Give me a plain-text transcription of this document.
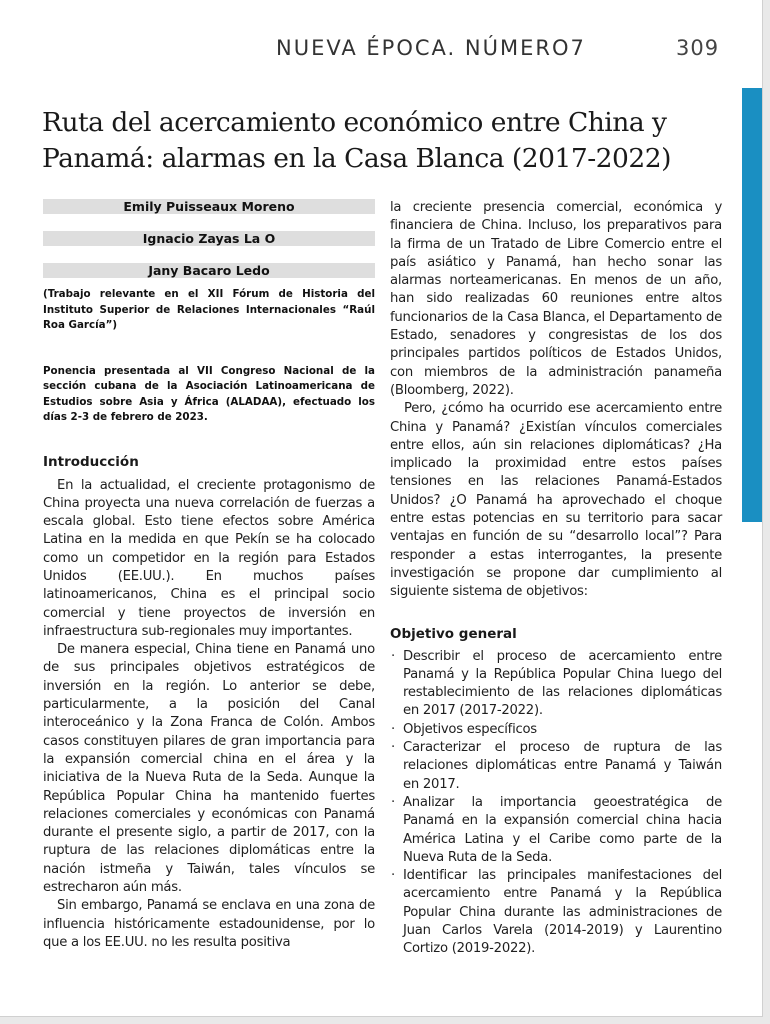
NUEVA ÉPOCA. NÚMERO7	309
Ruta del acercamiento económico entre China y Panamá: alarmas en la Casa Blanca (2017-2022)
Emily Puisseaux Moreno
Ignacio Zayas La O
Jany Bacaro Ledo

(Trabajo relevante en el XII Fórum de Historia del Instituto Superior de Relaciones Internacionales “Raúl Roa García”)

Ponencia presentada al VII Congreso Nacional de la sección cubana de la Asociación Latinoamericana de Estudios sobre Asia y África (ALADAA), efectuado los días 2-3 de febrero de 2023.

Introducción

En la actualidad, el creciente protagonismo de China proyecta una nueva correlación de fuerzas a escala global. Esto tiene efectos sobre América Latina en la medida en que Pekín se ha colocado como un competidor en la región para Estados Unidos (EE.UU.). En muchos países latinoamericanos, China es el principal socio comercial y tiene proyectos de inversión en infraestructura sub-regionales muy importantes.

De manera especial, China tiene en Panamá uno de sus principales objetivos estratégicos de inversión en la región. Lo anterior se debe, particularmente, a la posición del Canal interoceánico y la Zona Franca de Colón. Ambos casos constituyen pilares de gran importancia para la expansión comercial china en el área y la iniciativa de la Nueva Ruta de la Seda. Aunque la República Popular China ha mantenido fuertes relaciones comerciales y económicas con Panamá durante el presente siglo, a partir de 2017, con la ruptura de las relaciones diplomáticas entre la nación istmeña y Taiwán, tales vínculos se estrecharon aún más.

Sin embargo, Panamá se enclava en una zona de influencia históricamente estadounidense, por lo que a los EE.UU. no les resulta positiva

la creciente presencia comercial, económica y financiera de China. Incluso, los preparativos para la firma de un Tratado de Libre Comercio entre el país asiático y Panamá, han hecho sonar las alarmas norteamericanas. En menos de un año, han sido realizadas 60 reuniones entre altos funcionarios de la Casa Blanca, el Departamento de Estado, senadores y congresistas de los dos principales partidos políticos de Estados Unidos, con miembros de la administración panameña (Bloomberg, 2022).

Pero, ¿cómo ha ocurrido ese acercamiento entre China y Panamá? ¿Existían vínculos comerciales entre ellos, aún sin relaciones diplomáticas? ¿Ha implicado la proximidad entre estos países tensiones en las relaciones Panamá-Estados Unidos? ¿O Panamá ha aprovechado el choque entre estas potencias en su territorio para sacar ventajas en función de su “desarrollo local”? Para responder a estas interrogantes, la presente investigación se propone dar cumplimiento al siguiente sistema de objetivos:

Objetivo general
· Describir el proceso de acercamiento entre Panamá y la República Popular China luego del restablecimiento de las relaciones diplomáticas en 2017 (2017-2022).
· Objetivos específicos
· Caracterizar el proceso de ruptura de las relaciones diplomáticas entre Panamá y Taiwán en 2017.
· Analizar la importancia geoestratégica de Panamá en la expansión comercial china hacia América Latina y el Caribe como parte de la Nueva Ruta de la Seda.
· Identificar las principales manifestaciones del acercamiento entre Panamá y la República Popular China durante las administraciones de Juan Carlos Varela (2014-2019) y Laurentino Cortizo (2019-2022).
